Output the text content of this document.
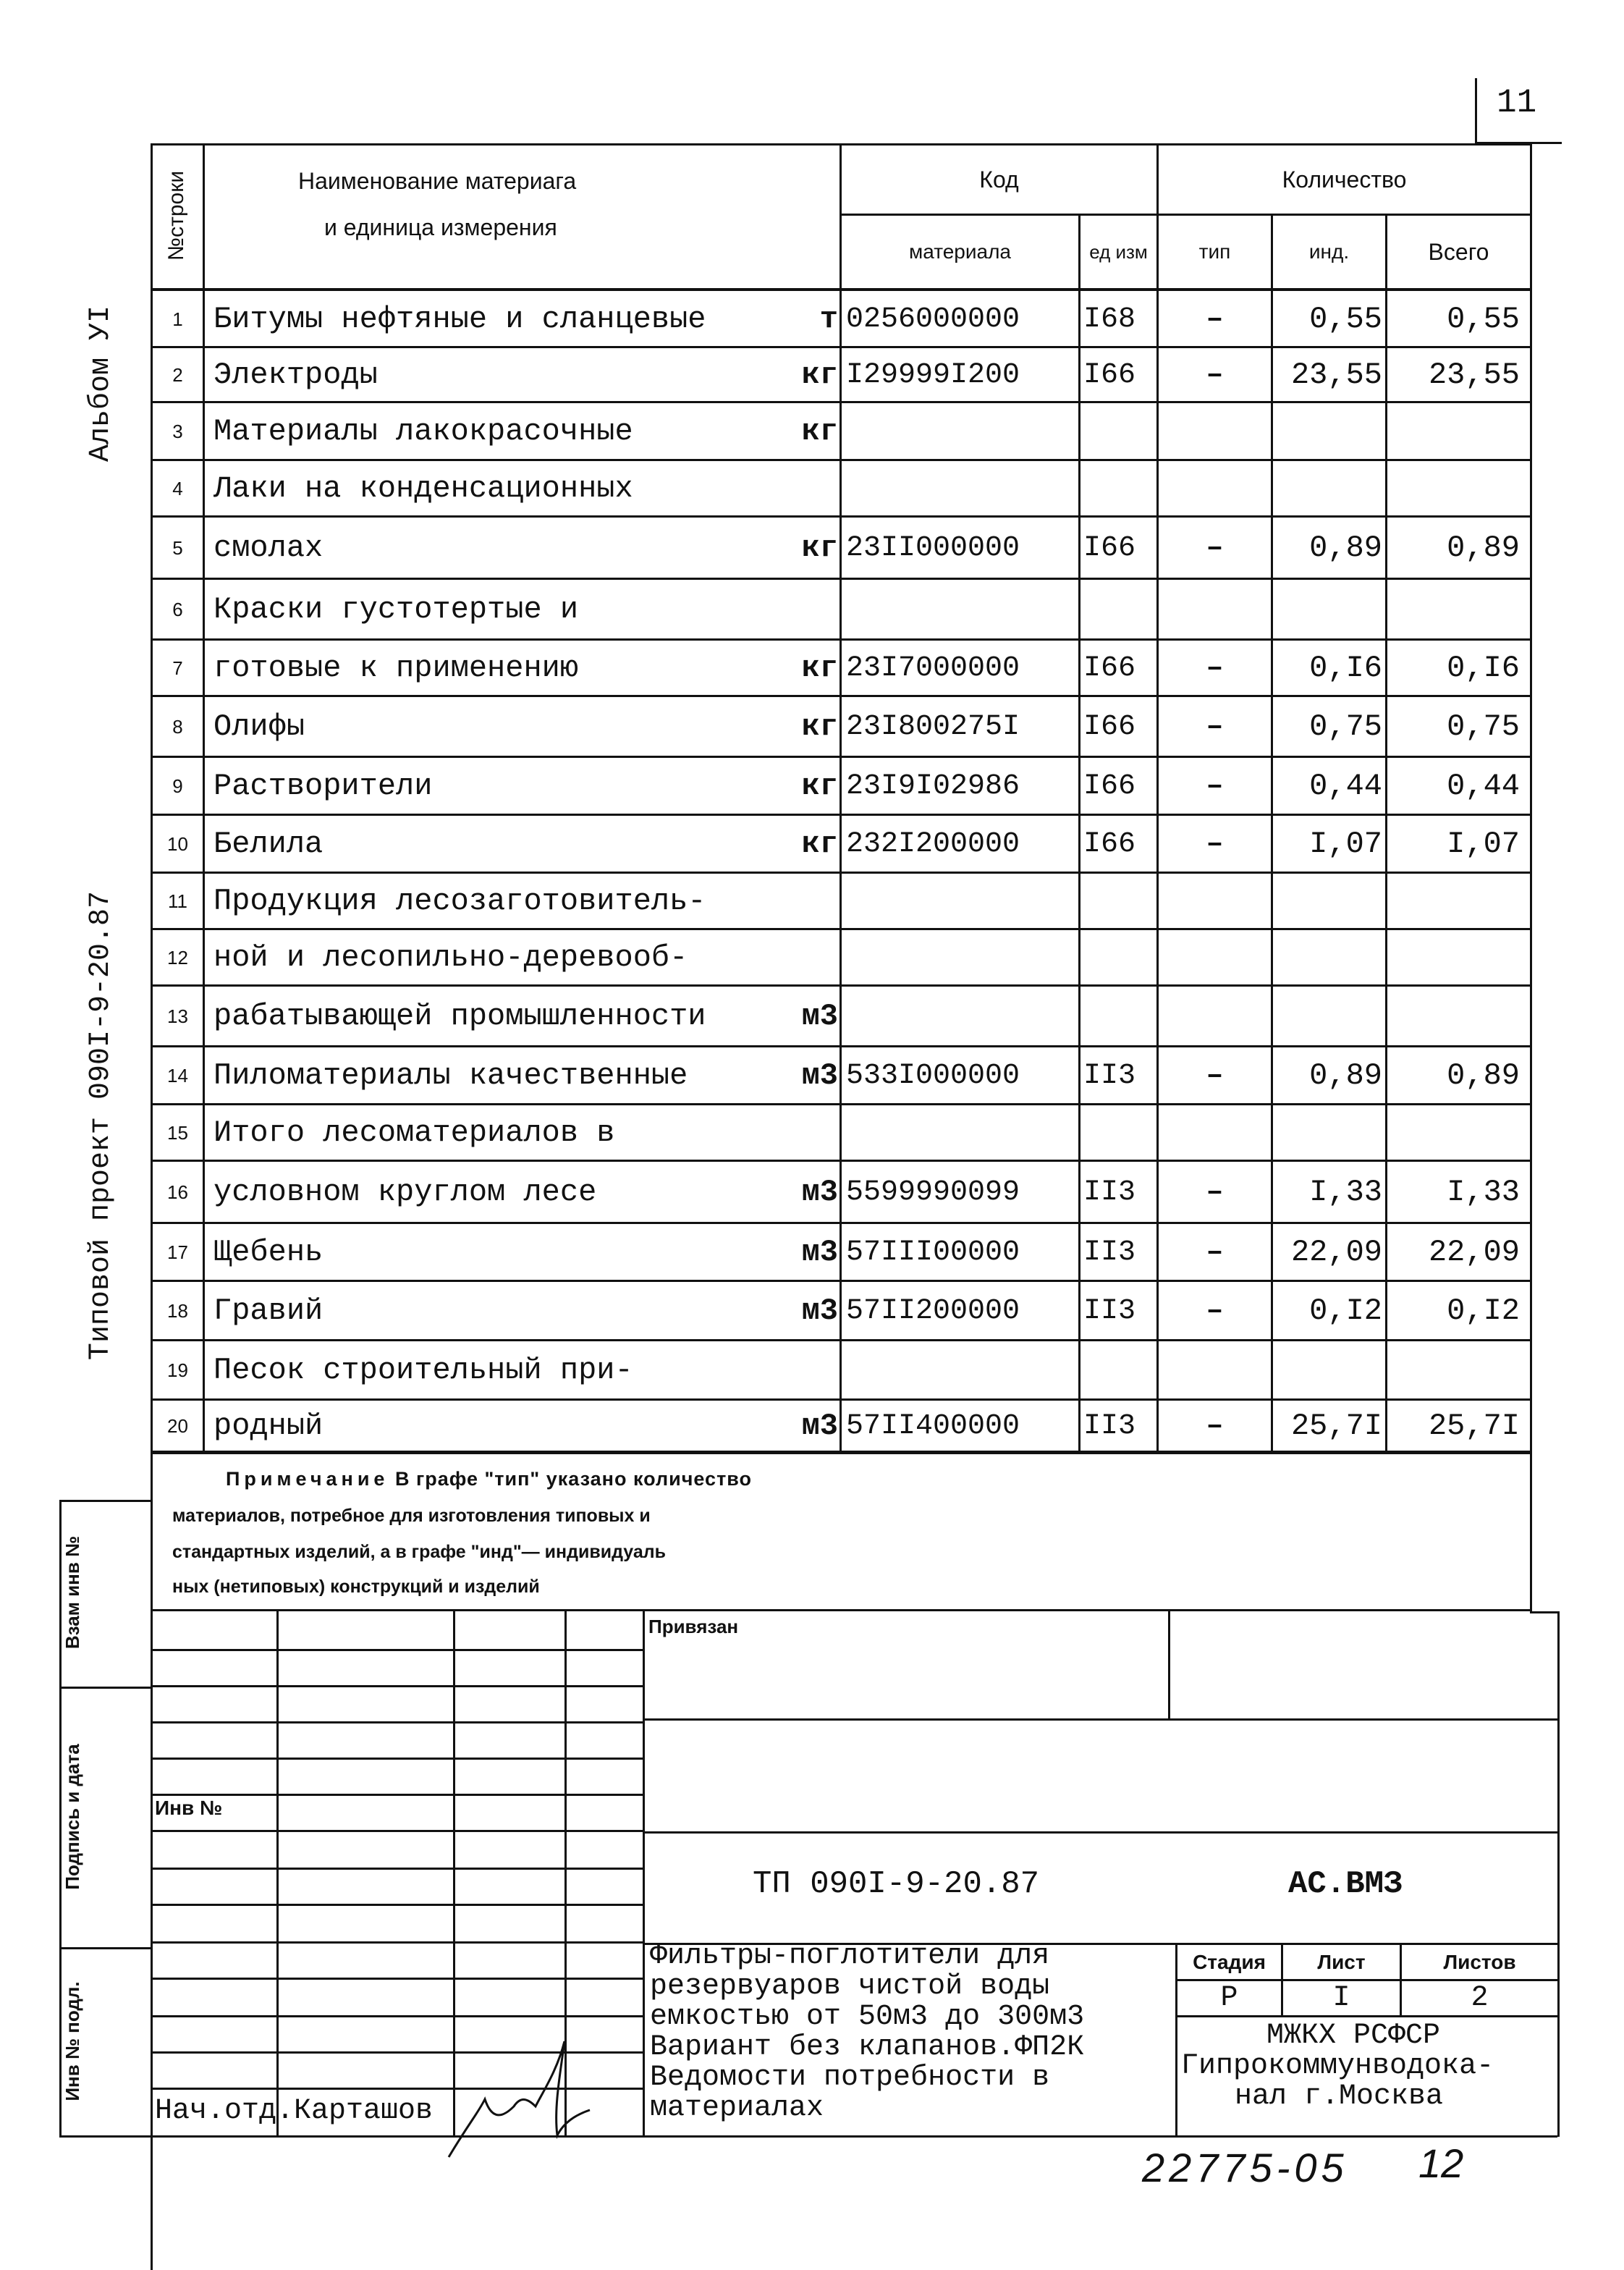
11
Альбом УI
Типовой проект 090I-9-20.87
№строки	Наименование материага
и единица измерения
Код	Количество
материала	ед изм	тип	инд.	Всего
1	Битумы нефтяные и сланцевые	т 0256000000	I68	–	0,55	0,55
2	Электроды	кг I29999I200	I66	–	23,55	23,55
3	Материалы лакокрасочные	кг
4	Лаки на конденсационных
5	смолах	кг 23II000000	I66	–	0,89	0,89
6	Краски густотертые и
7	готовые к применению	кг 23I7000000	I66	–	0,I6	0,I6
8	Олифы	кг 23I800275I	I66	–	0,75	0,75
9	Растворители	кг 23I9I02986	I66	–	0,44	0,44
10 Белила	кг 232I200000	I66	–	I,07	I,07
11 Продукция лесозаготовитель-
12 ной и лесопильно-деревооб-
13 рабатывающей промышленности	м3
14 Пиломатериалы качественные	м3 533I000000	II3	–	0,89	0,89
15 Итого лесоматериалов в
16 условном круглом лесе	м3 5599990099	II3	–	I,33	I,33
17 Щебень	м3 57III00000	II3	–	22,09	22,09
18 Гравий	м3 57II200000	II3	–	0,I2	0,I2
19 Песок строительный при-
20 родный	м3 57II400000	II3	–	25,7I	25,7I
Примечание В графе "тип" указано количество
материалов, потребное для изготовления типовых и
стандартных изделий, а в графе "инд"— индивидуаль
ных (нетиповых) конструкций и изделий
Взам инв №
Подпись и дата
Инв № подл.
Привязан
Инв №
ТП 090I-9-20.87	АС.ВМЗ
Фильтры-поглотители для
резервуаров чистой воды
емкостью от 50м3 до 300м3
Вариант без клапанов.ФП2К
Ведомости потребности в
материалах
Стадия	Лист	Листов
Р	I	2
МЖКХ РСФСР
Гипрокоммунводока-
нал г.Москва
Нач.отд.Карташов
22775-05 12
